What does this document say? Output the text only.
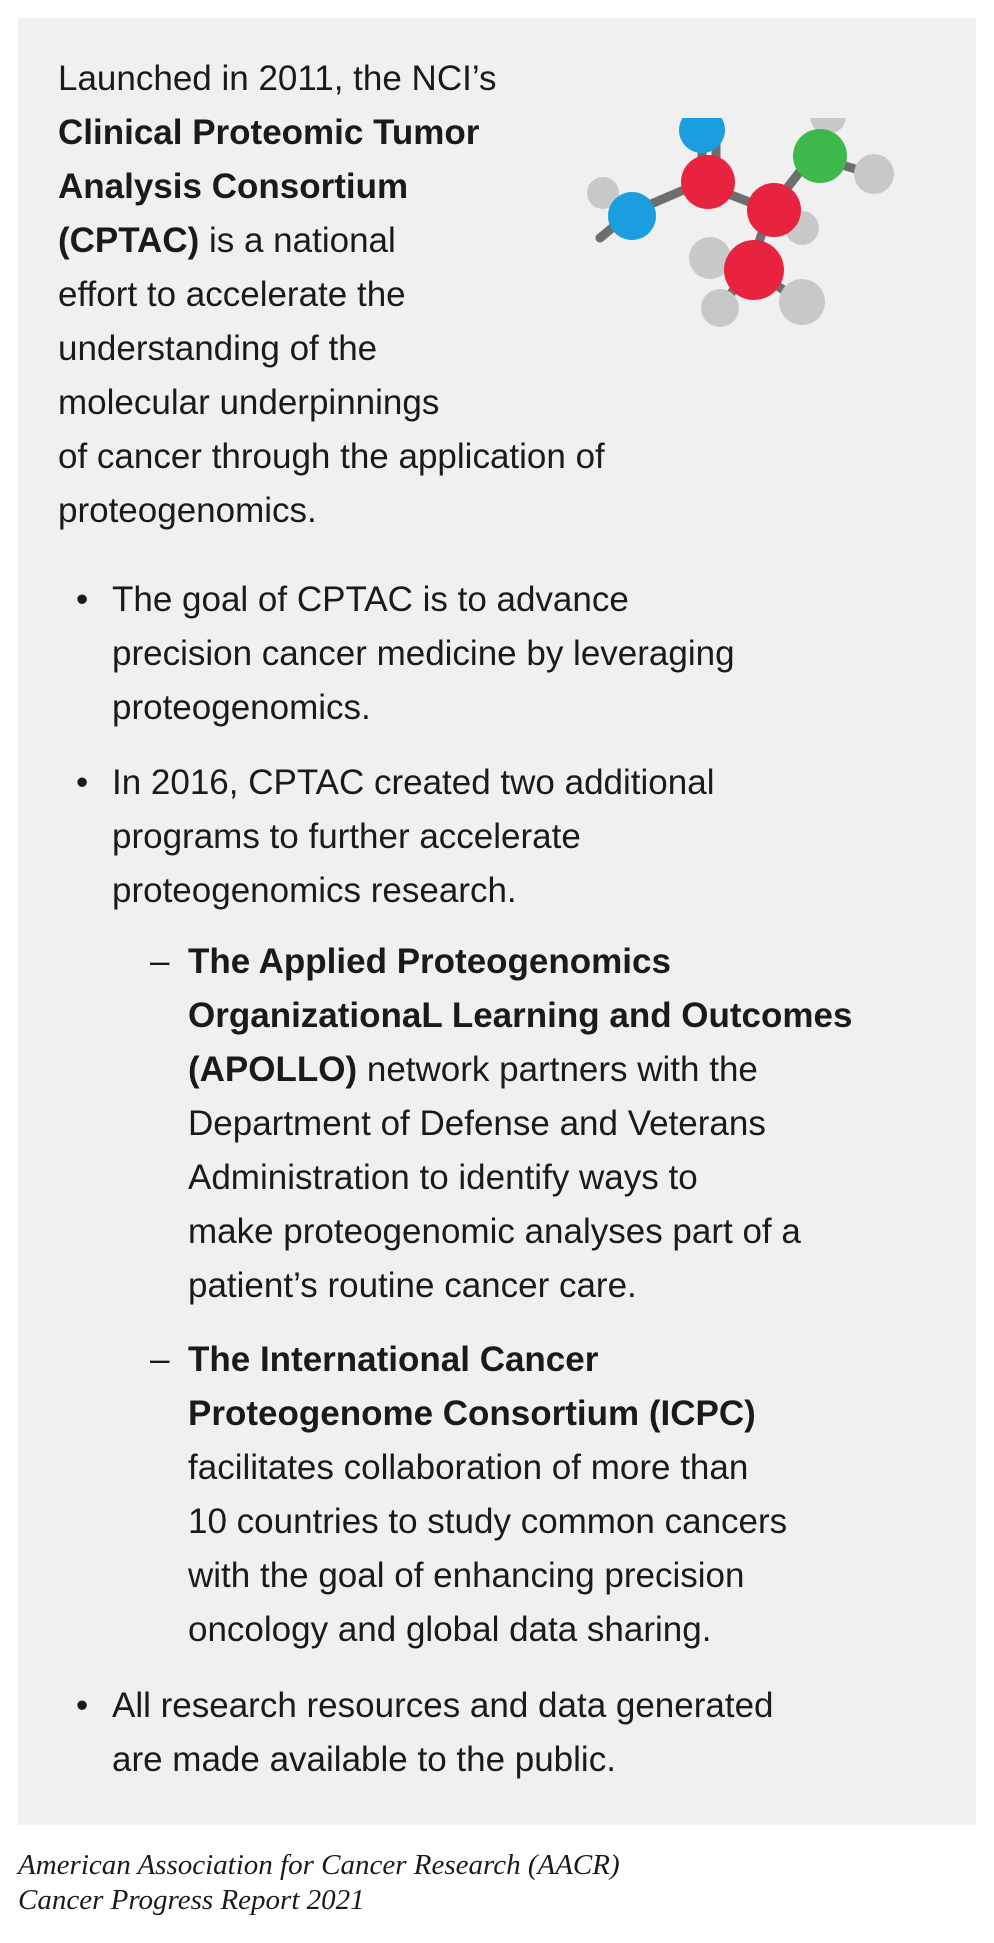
Launched in 2011, the NCI’s
Clinical Proteomic Tumor
Analysis Consortium
(CPTAC) is a national
effort to accelerate the
understanding of the
molecular underpinnings
of cancer through the application of
proteogenomics.

• The goal of CPTAC is to advance
precision cancer medicine by leveraging
proteogenomics.
• In 2016, CPTAC created two additional
programs to further accelerate
proteogenomics research.
– The Applied Proteogenomics
OrganizationaL Learning and Outcomes
(APOLLO) network partners with the
Department of Defense and Veterans
Administration to identify ways to
make proteogenomic analyses part of a
patient’s routine cancer care.
– The International Cancer
Proteogenome Consortium (ICPC)
facilitates collaboration of more than
10 countries to study common cancers
with the goal of enhancing precision
oncology and global data sharing.
• All research resources and data generated
are made available to the public.
American Association for Cancer Research (AACR)
Cancer Progress Report 2021
